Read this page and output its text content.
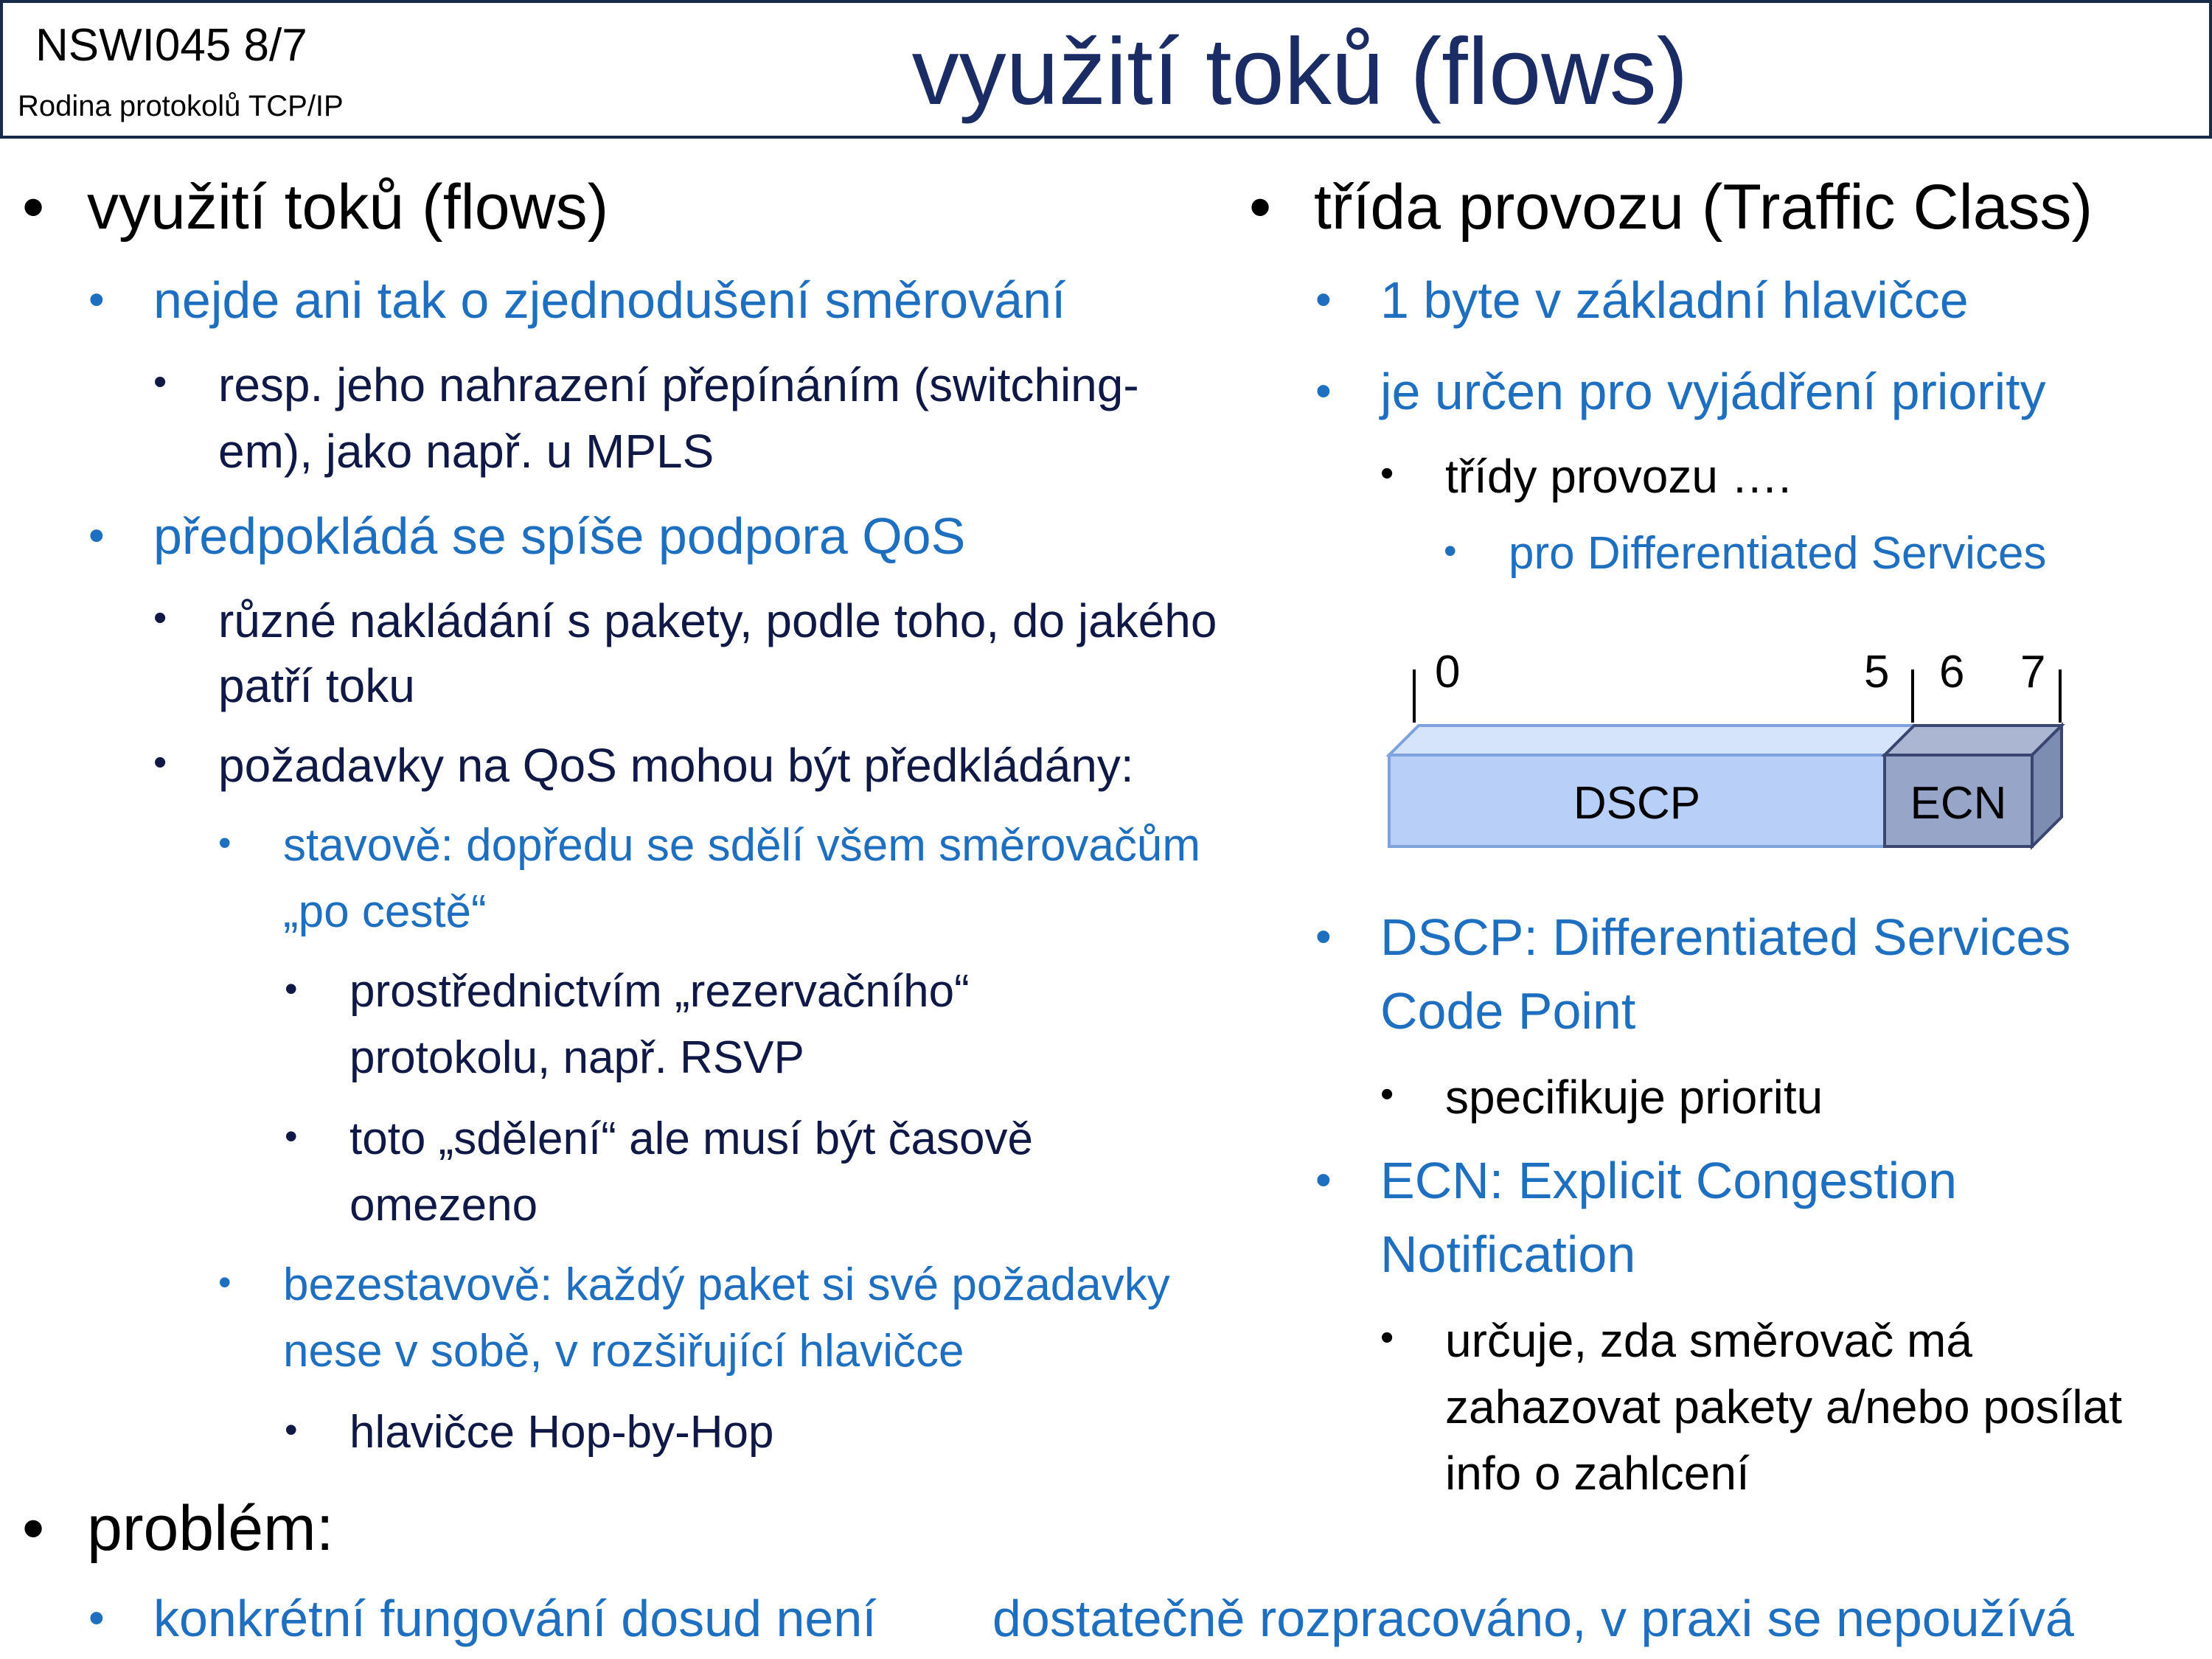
NSWI045 8/7
Rodina protokolů TCP/IP	využití toků (flows)
• využití toků (flows)
• nejde ani tak o zjednodušení směrování
• resp. jeho nahrazení přepínáním (switching-
em), jako např. u MPLS
• předpokládá se spíše podpora QoS
• různé nakládání s pakety, podle toho, do jakého
patří toku
• požadavky na QoS mohou být předkládány:
• stavově: dopředu se sdělí všem směrovačům
„po cestě“
• prostřednictvím „rezervačního“
protokolu, např. RSVP
• toto „sdělení“ ale musí být časově
omezeno
• bezestavově: každý paket si své požadavky
nese v sobě, v rozšiřující hlavičce
• hlavičce Hop-by-Hop
• třída provozu (Traffic Class)
• 1 byte v základní hlavičce
• je určen pro vyjádření priority
• třídy provozu ….
• pro Differentiated Services
0	5 6 7
DSCP	ECN
• DSCP: Differentiated Services
Code Point
• specifikuje prioritu
• ECN: Explicit Congestion
Notification
• určuje, zda směrovač má
zahazovat pakety a/nebo posílat
info o zahlcení
• problém:
• konkrétní fungování dosud není dostatečně rozpracováno, v praxi se nepoužívá
